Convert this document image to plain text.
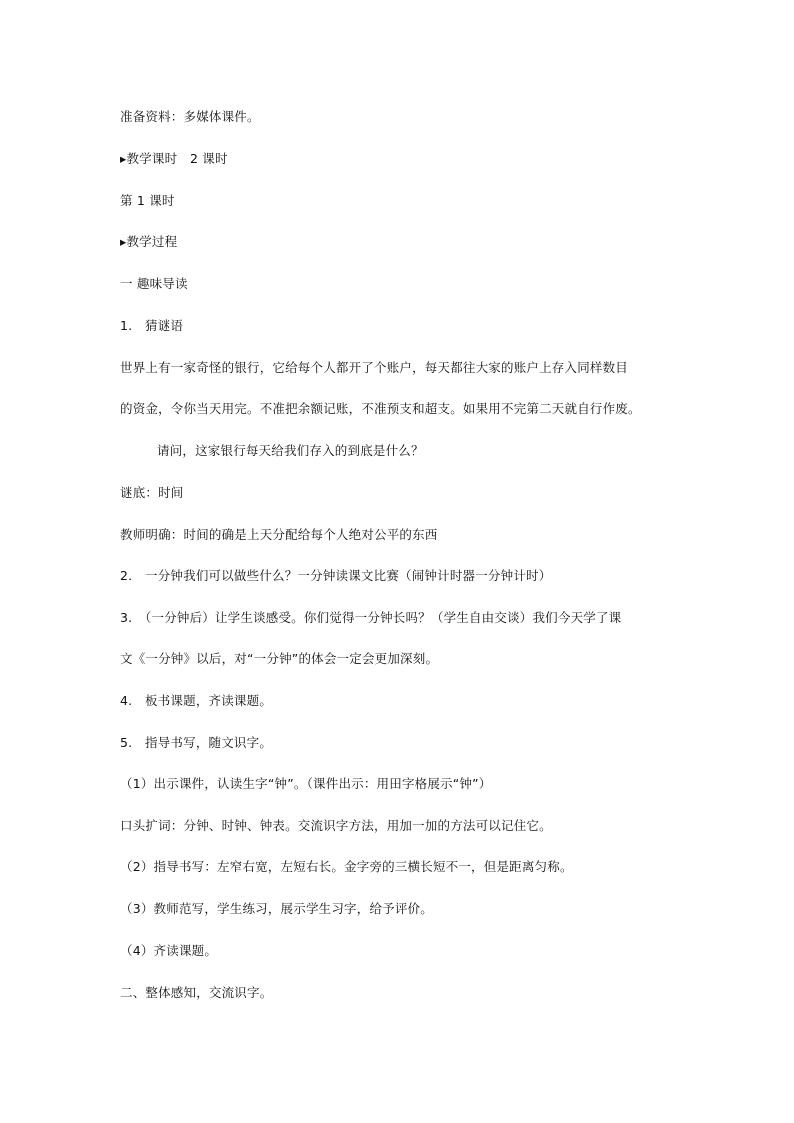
准备资料：多媒体课件。
▸教学课时　2 课时
第 1 课时
▸教学过程
一 趣味导读
1.　猜谜语
世界上有一家奇怪的银行，它给每个人都开了个账户，每天都往大家的账户上存入同样数目
的资金，令你当天用完。不准把余额记账，不准预支和超支。如果用不完第二天就自行作废。
请问，这家银行每天给我们存入的到底是什么？
谜底：时间
教师明确：时间的确是上天分配给每个人绝对公平的东西
2.　一分钟我们可以做些什么？一分钟读课文比赛（闹钟计时器一分钟计时）
3.　（一分钟后）让学生谈感受。你们觉得一分钟长吗？（学生自由交谈）我们今天学了课
文《一分钟》以后，对“一分钟”的体会一定会更加深刻。
4.　板书课题，齐读课题。
5.　指导书写，随文识字。
（1）出示课件，认读生字“钟”。（课件出示：用田字格展示“钟”）
口头扩词：分钟、时钟、钟表。交流识字方法，用加一加的方法可以记住它。
（2）指导书写：左窄右宽，左短右长。金字旁的三横长短不一，但是距离匀称。
（3）教师范写，学生练习，展示学生习字，给予评价。
（4）齐读课题。
二、整体感知，交流识字。
